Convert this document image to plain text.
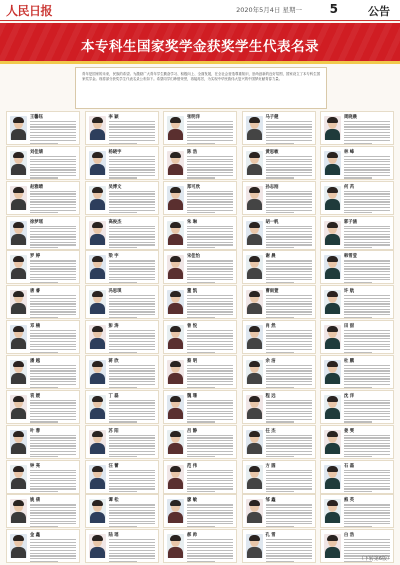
人民日报	2020年5月4日 星期一 5	公告
本专科生国家奖学金获奖学生代表名录
青年是国家的未来，民族的希望。为激励广大青年学生勤奋学习、积极向上、全面发展，在全社会营造尊重知识、崇尚创新的良好氛围，国家设立了本专科生国家奖学金。现将部分获奖学生代表名录公布如下。希望同学们珍惜荣誉，再接再厉，为实现中华民族伟大复兴的中国梦贡献青春力量。
王馨钰	李 颖	张明洋	马子健	周晓晨
刘佳婧	杨晓宇	陈 浩	黄思敏	林 峰
赵雅晴	吴博文	郑可欣	孙志刚	何 芮
徐梦瑶	高俊杰	朱 琳	胡一帆	郭子涵
罗 婷	梁 宇	宋佳怡	谢 晨	韩雪莹
唐 睿	冯思琪	董 凯	曹雨萱	许 航
邓 楠	彭 涛	曾 悦	肖 然	田 甜
潘 越	蒋 欣	蔡 明	余 洁	杜 鹏
袁 媛	丁 磊	魏 珊	程 远	沈 洋
叶 蓉	苏 阳	吕 静	任 杰	姜 雯
钟 亮	汪 蕾	范 伟	方 圆	石 磊
姚 倩	谭 松	廖 敏	邹 鑫	熊 英
金 鑫	陆 瑶	郝 帅	孔 雪	白 浩
（下转第6版）
